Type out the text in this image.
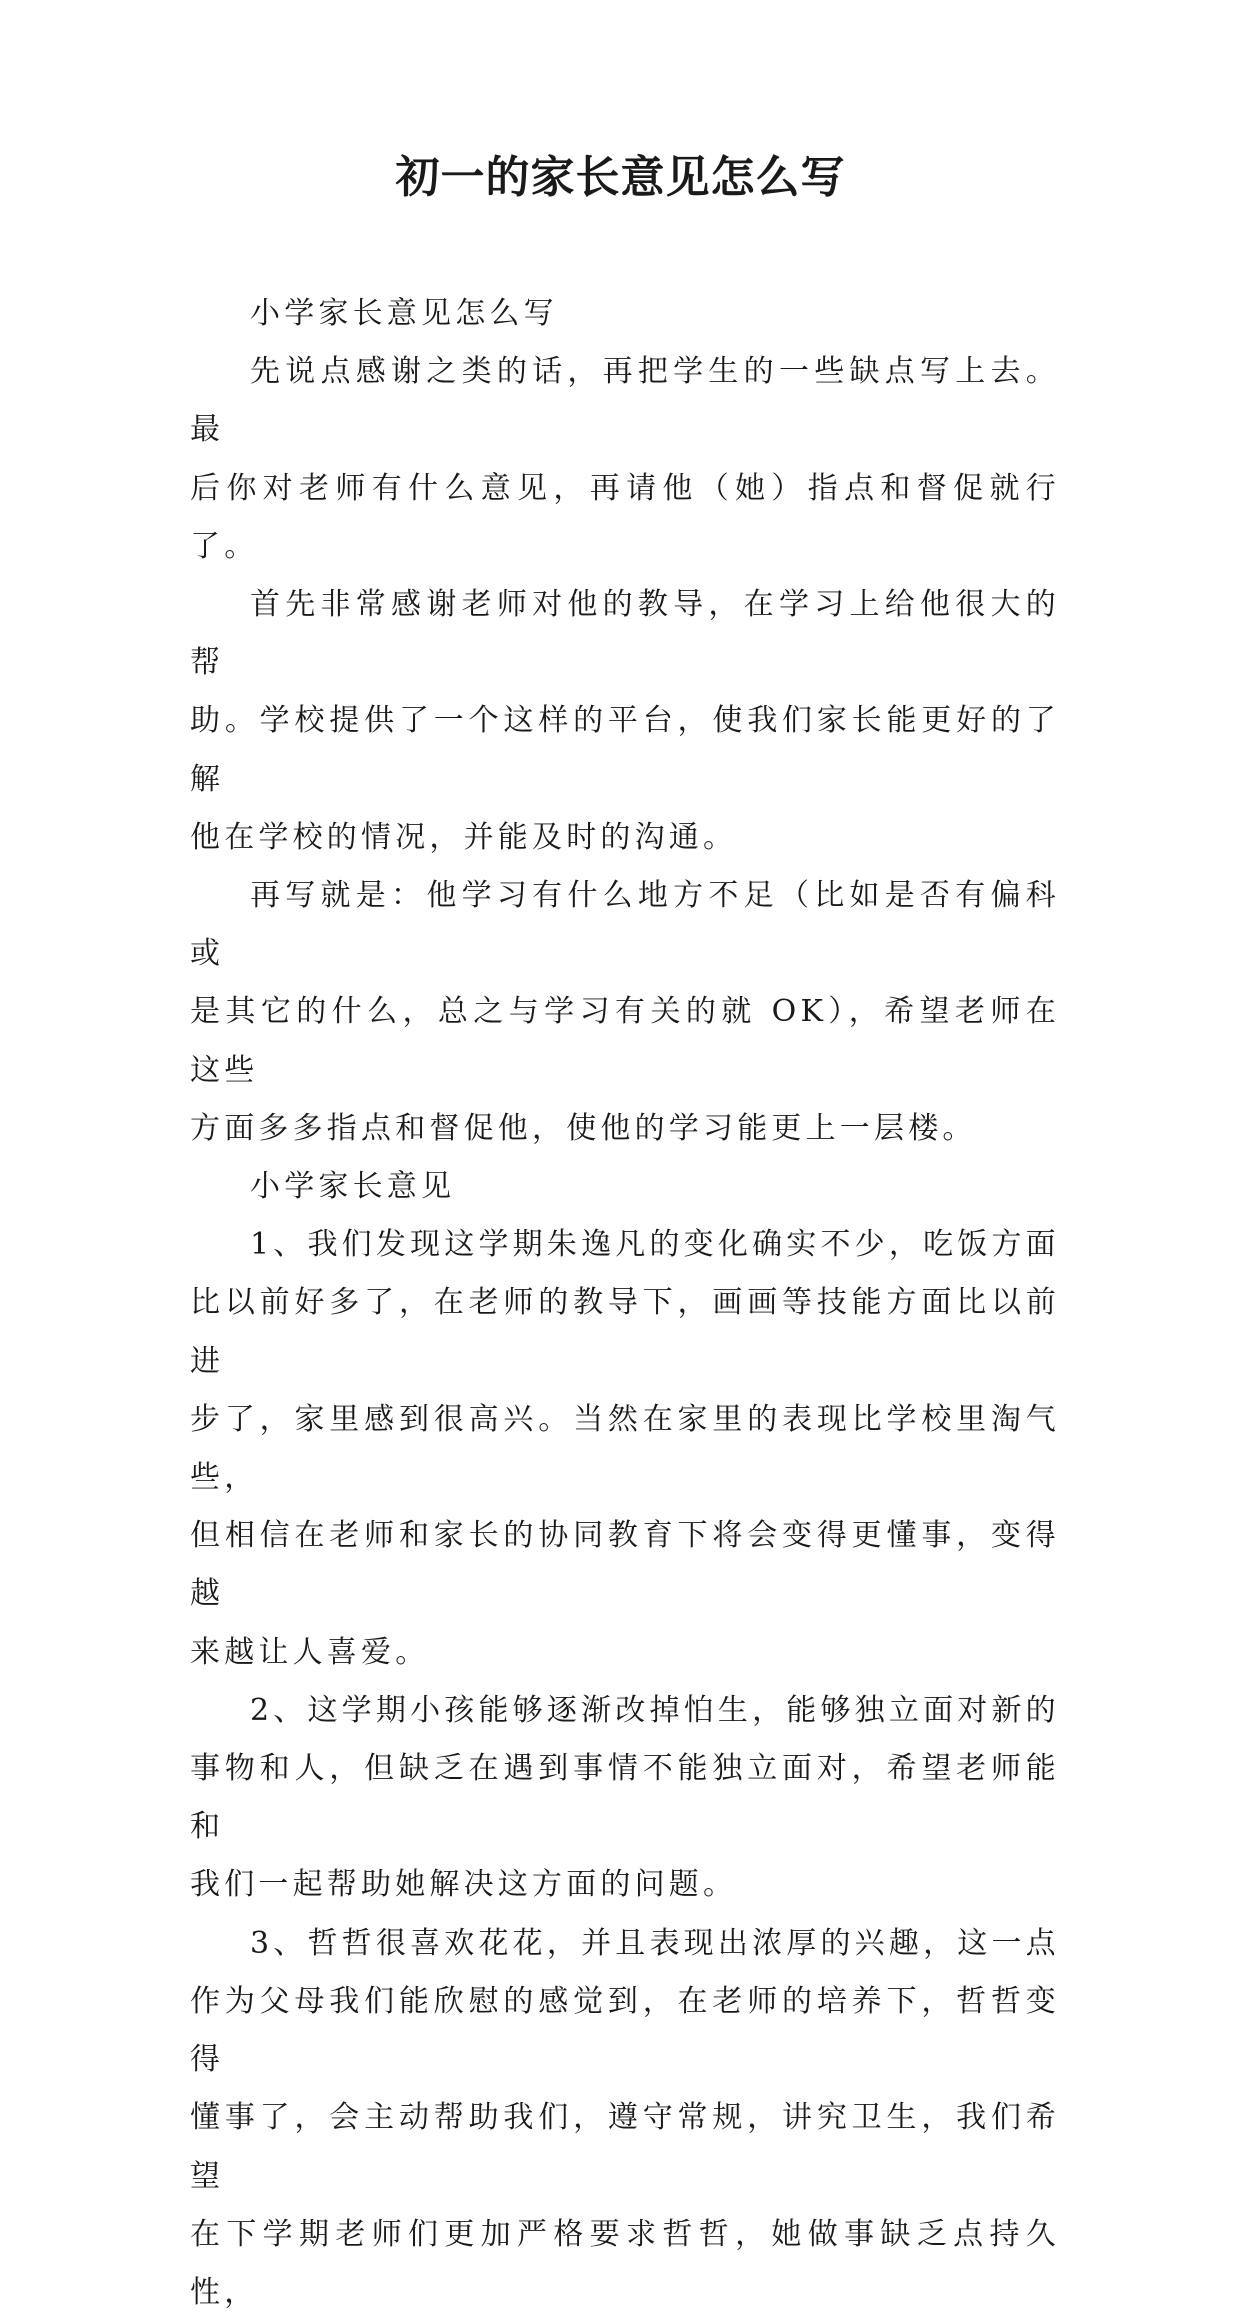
初一的家长意见怎么写

小学家长意见怎么写

先说点感谢之类的话，再把学生的一些缺点写上去。最
后你对老师有什么意见，再请他（她）指点和督促就行了。

首先非常感谢老师对他的教导，在学习上给他很大的帮
助。学校提供了一个这样的平台，使我们家长能更好的了解
他在学校的情况，并能及时的沟通。

再写就是：他学习有什么地方不足（比如是否有偏科或
是其它的什么，总之与学习有关的就 OK），希望老师在这些
方面多多指点和督促他，使他的学习能更上一层楼。

小学家长意见

1、我们发现这学期朱逸凡的变化确实不少，吃饭方面
比以前好多了，在老师的教导下，画画等技能方面比以前进
步了，家里感到很高兴。当然在家里的表现比学校里淘气些，
但相信在老师和家长的协同教育下将会变得更懂事，变得越
来越让人喜爱。

2、这学期小孩能够逐渐改掉怕生，能够独立面对新的
事物和人，但缺乏在遇到事情不能独立面对，希望老师能和
我们一起帮助她解决这方面的问题。

3、哲哲很喜欢花花，并且表现出浓厚的兴趣，这一点
作为父母我们能欣慰的感觉到，在老师的培养下，哲哲变得
懂事了，会主动帮助我们，遵守常规，讲究卫生，我们希望
在下学期老师们更加严格要求哲哲，她做事缺乏点持久性，
